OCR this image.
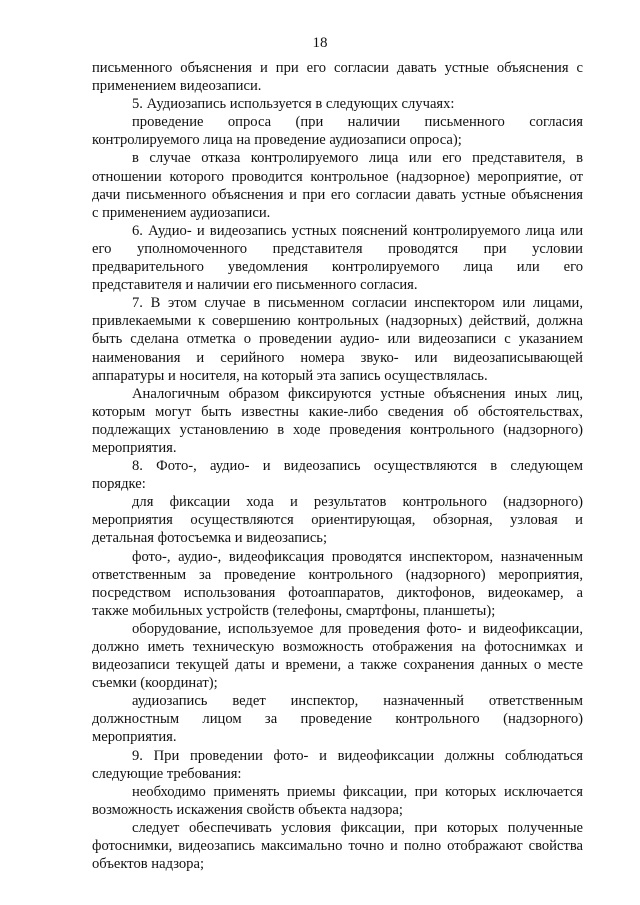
18
письменного объяснения и при его согласии давать устные объяснения с
применением видеозаписи.
5. Аудиозапись используется в следующих случаях:
проведение опроса (при наличии письменного согласия
контролируемого лица на проведение аудиозаписи опроса);
в случае отказа контролируемого лица или его представителя, в
отношении которого проводится контрольное (надзорное) мероприятие, от
дачи письменного объяснения и при его согласии давать устные объяснения
с применением аудиозаписи.
6. Аудио- и видеозапись устных пояснений контролируемого лица или
его уполномоченного представителя проводятся при условии
предварительного уведомления контролируемого лица или его
представителя и наличии его письменного согласия.
7. В этом случае в письменном согласии инспектором или лицами,
привлекаемыми к совершению контрольных (надзорных) действий, должна
быть сделана отметка о проведении аудио- или видеозаписи с указанием
наименования и серийного номера звуко- или видеозаписывающей
аппаратуры и носителя, на который эта запись осуществлялась.
Аналогичным образом фиксируются устные объяснения иных лиц,
которым могут быть известны какие-либо сведения об обстоятельствах,
подлежащих установлению в ходе проведения контрольного (надзорного)
мероприятия.
8. Фото-, аудио- и видеозапись осуществляются в следующем
порядке:
для фиксации хода и результатов контрольного (надзорного)
мероприятия осуществляются ориентирующая, обзорная, узловая и
детальная фотосъемка и видеозапись;
фото-, аудио-, видеофиксация проводятся инспектором, назначенным
ответственным за проведение контрольного (надзорного) мероприятия,
посредством использования фотоаппаратов, диктофонов, видеокамер, а
также мобильных устройств (телефоны, смартфоны, планшеты);
оборудование, используемое для проведения фото- и видеофиксации,
должно иметь техническую возможность отображения на фотоснимках и
видеозаписи текущей даты и времени, а также сохранения данных о месте
съемки (координат);
аудиозапись ведет инспектор, назначенный ответственным
должностным лицом за проведение контрольного (надзорного)
мероприятия.
9. При проведении фото- и видеофиксации должны соблюдаться
следующие требования:
необходимо применять приемы фиксации, при которых исключается
возможность искажения свойств объекта надзора;
следует обеспечивать условия фиксации, при которых полученные
фотоснимки, видеозапись максимально точно и полно отображают свойства
объектов надзора;
